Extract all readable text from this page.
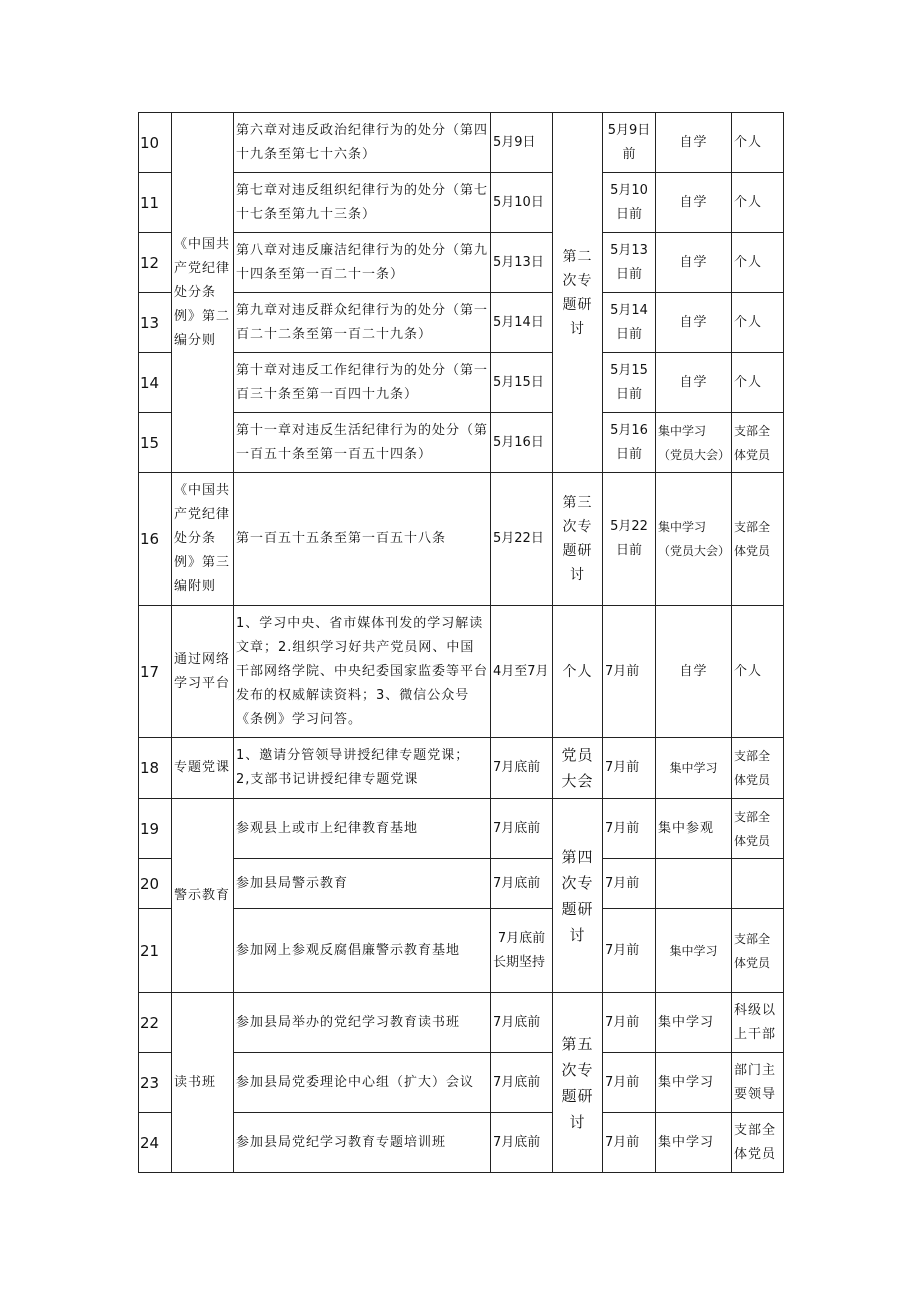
10	《中国共产党纪律处分条例》第二编分则	第六章对违反政治纪律行为的处分（第四十九条至第七十六条）	5月9日	第二次专题研讨	5月9日前	自学	个人
11		第七章对违反组织纪律行为的处分（第七十七条至第九十三条）	5月10日		5月10日前	自学	个人
12		第八章对违反廉洁纪律行为的处分（第九十四条至第一百二十一条）	5月13日		5月13日前	自学	个人
13		第九章对违反群众纪律行为的处分（第一百二十二条至第一百二十九条）	5月14日		5月14日前	自学	个人
14		第十章对违反工作纪律行为的处分（第一百三十条至第一百四十九条）	5月15日		5月15日前	自学	个人
15		第十一章对违反生活纪律行为的处分（第一百五十条至第一百五十四条）	5月16日		5月16日前	集中学习（党员大会）	支部全体党员
16	《中国共产党纪律处分条例》第三编附则	第一百五十五条至第一百五十八条	5月22日	第三次专题研讨	5月22日前	集中学习（党员大会）	支部全体党员
17	通过网络学习平台	1、学习中央、省市媒体刊发的学习解读文章；2.组织学习好共产党员网、中国干部网络学院、中央纪委国家监委等平台发布的权威解读资料；3、微信公众号《条例》学习问答。	4月至7月	个人	7月前	自学	个人
18	专题党课	1、邀请分管领导讲授纪律专题党课；
2,支部书记讲授纪律专题党课	7月底前	党员大会	7月前	集中学习	支部全体党员
19	警示教育	参观县上或市上纪律教育基地	7月底前	第四次专题研讨	7月前	集中参观	支部全体党员
20		参加县局警示教育	7月底前		7月前		
21		参加网上参观反腐倡廉警示教育基地	7月底前
长期坚持		7月前	集中学习	支部全体党员
22	读书班	参加县局举办的党纪学习教育读书班	7月底前	第五次专题研讨	7月前	集中学习	科级以上干部
23		参加县局党委理论中心组（扩大）会议	7月底前		7月前	集中学习	部门主要领导
24		参加县局党纪学习教育专题培训班	7月底前		7月前	集中学习	支部全体党员
